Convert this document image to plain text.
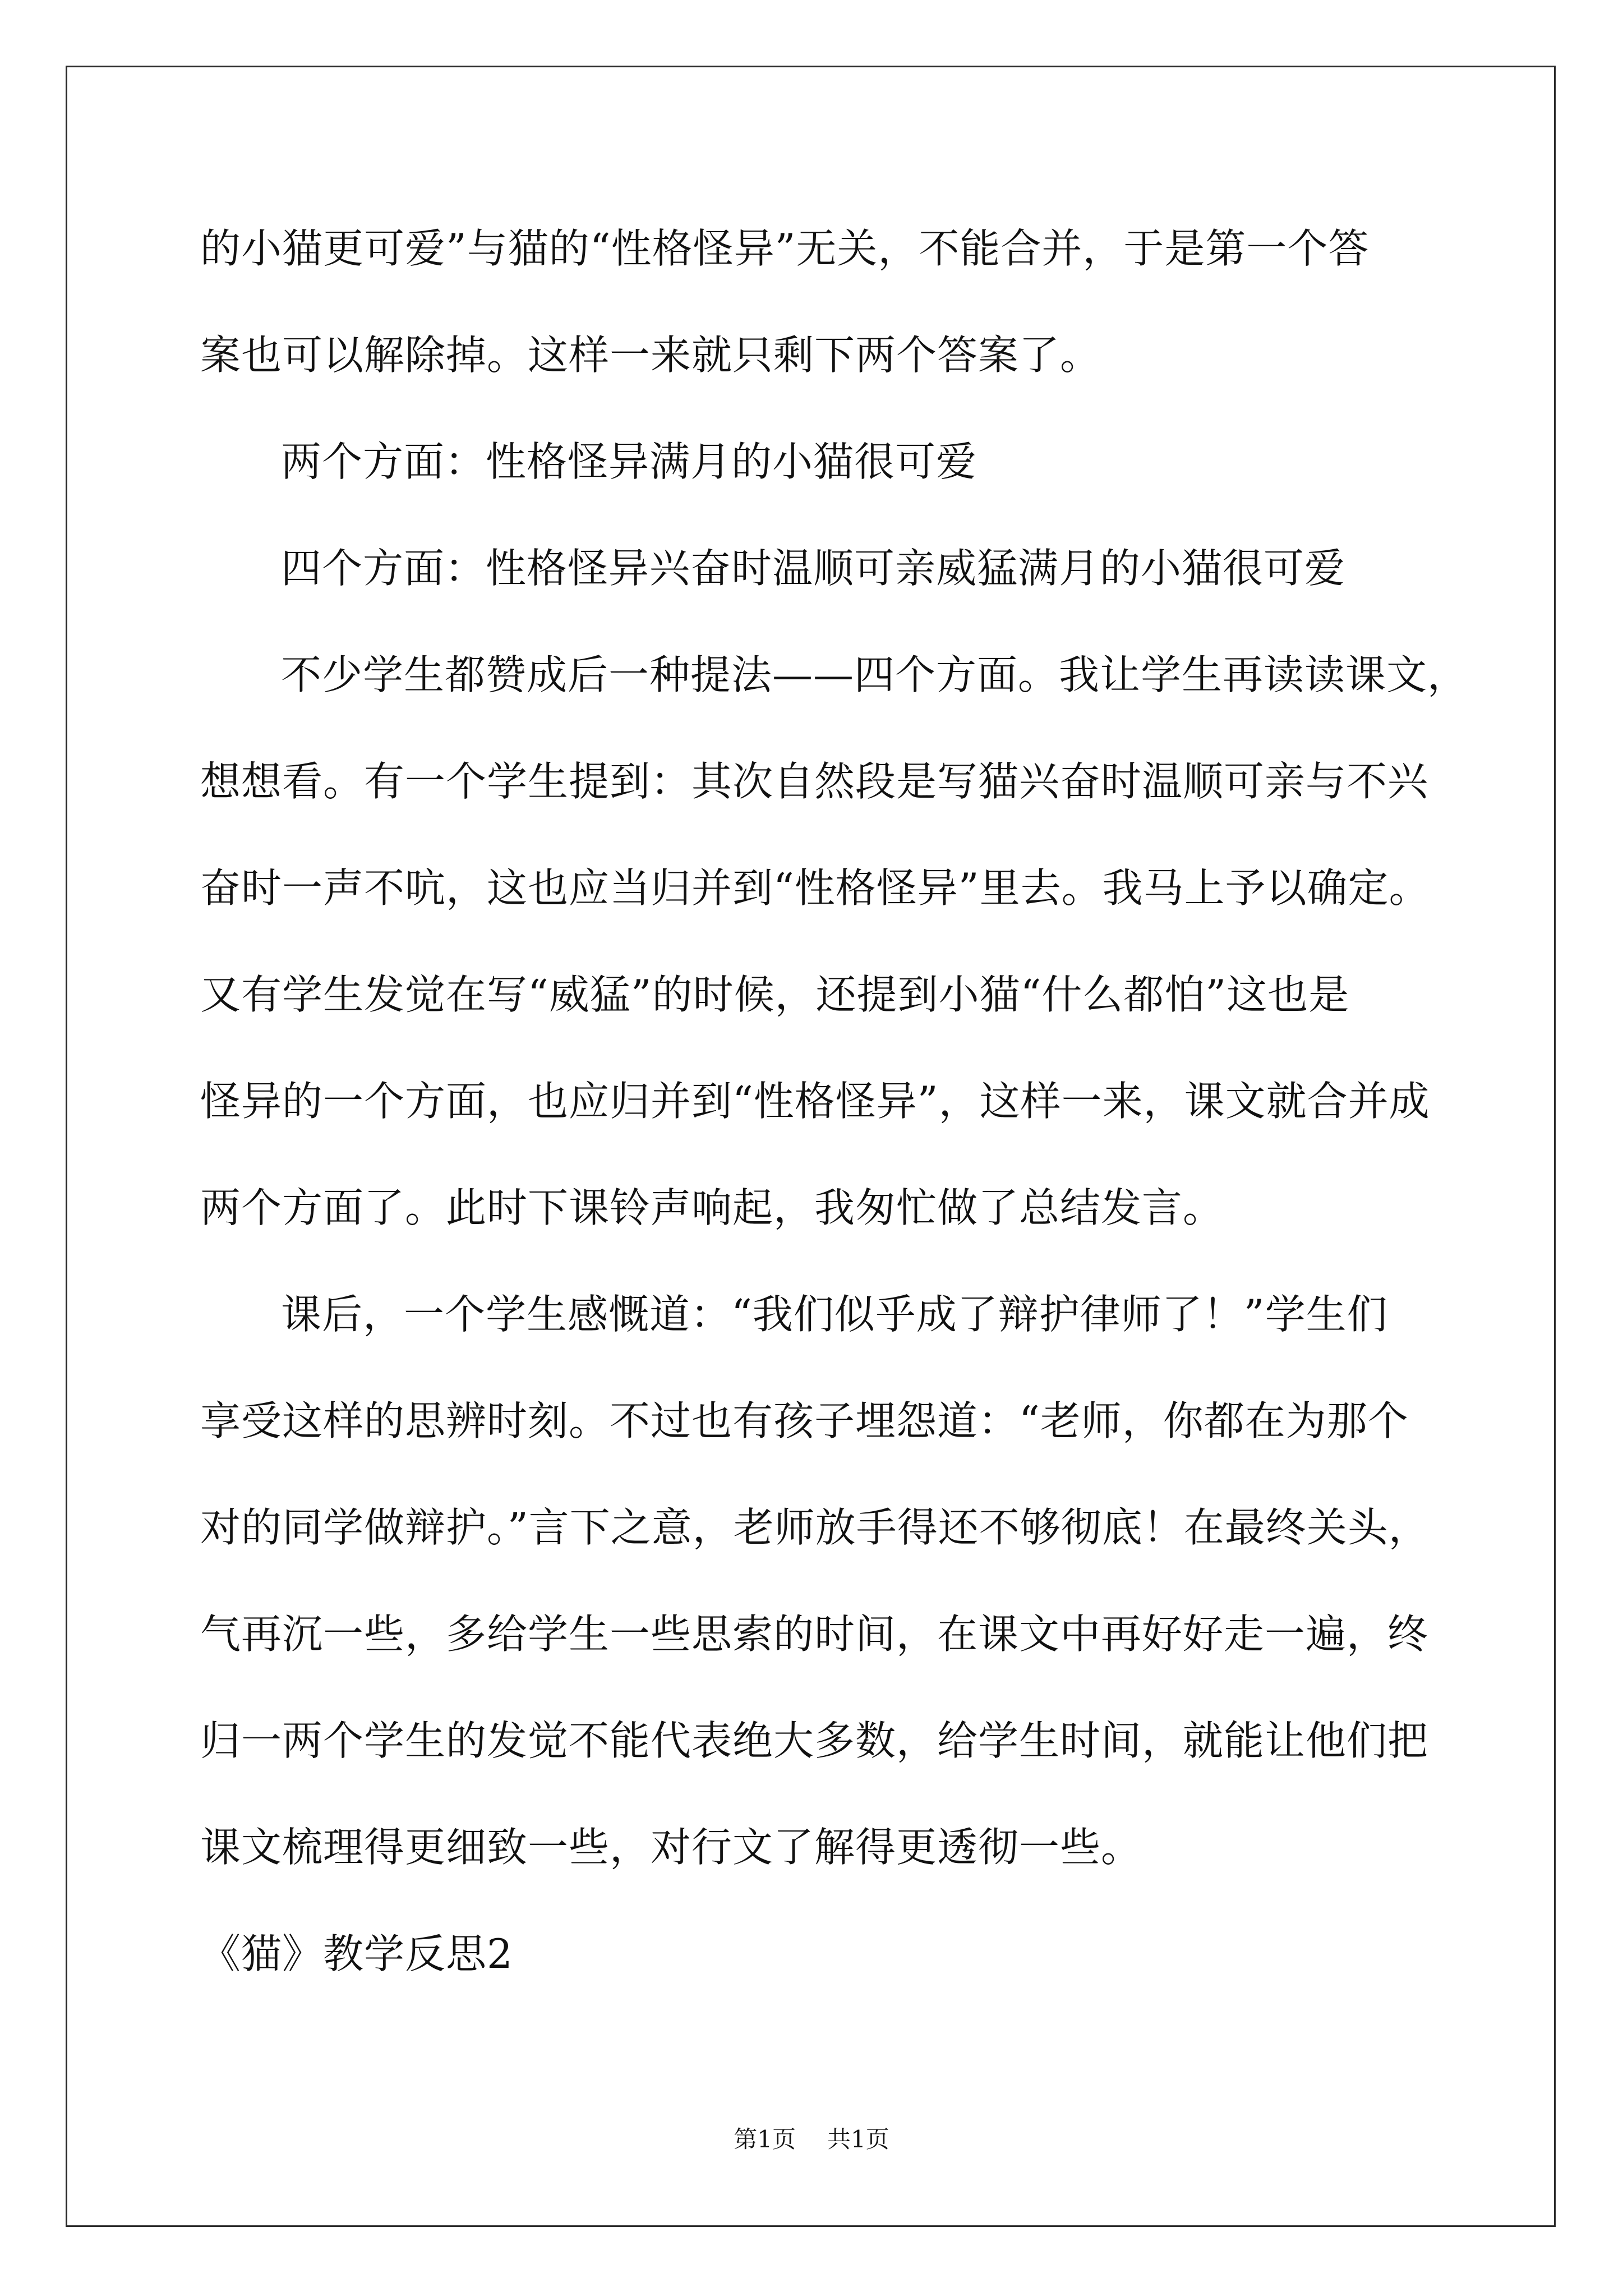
的小猫更可爱”与猫的“性格怪异”无关，不能合并，于是第一个答
案也可以解除掉。这样一来就只剩下两个答案了。
两个方面：性格怪异满月的小猫很可爱
四个方面：性格怪异兴奋时温顺可亲威猛满月的小猫很可爱
不少学生都赞成后一种提法——四个方面。我让学生再读读课文，
想想看。有一个学生提到：其次自然段是写猫兴奋时温顺可亲与不兴
奋时一声不吭，这也应当归并到“性格怪异”里去。我马上予以确定。
又有学生发觉在写“威猛”的时候，还提到小猫“什么都怕”这也是
怪异的一个方面，也应归并到“性格怪异”，这样一来，课文就合并成
两个方面了。此时下课铃声响起，我匆忙做了总结发言。
课后，一个学生感慨道：“我们似乎成了辩护律师了！”学生们
享受这样的思辨时刻。不过也有孩子埋怨道：“老师，你都在为那个
对的同学做辩护。”言下之意，老师放手得还不够彻底！在最终关头，
气再沉一些，多给学生一些思索的时间，在课文中再好好走一遍，终
归一两个学生的发觉不能代表绝大多数，给学生时间，就能让他们把
课文梳理得更细致一些，对行文了解得更透彻一些。
《猫》教学反思2
第1页 共1页
